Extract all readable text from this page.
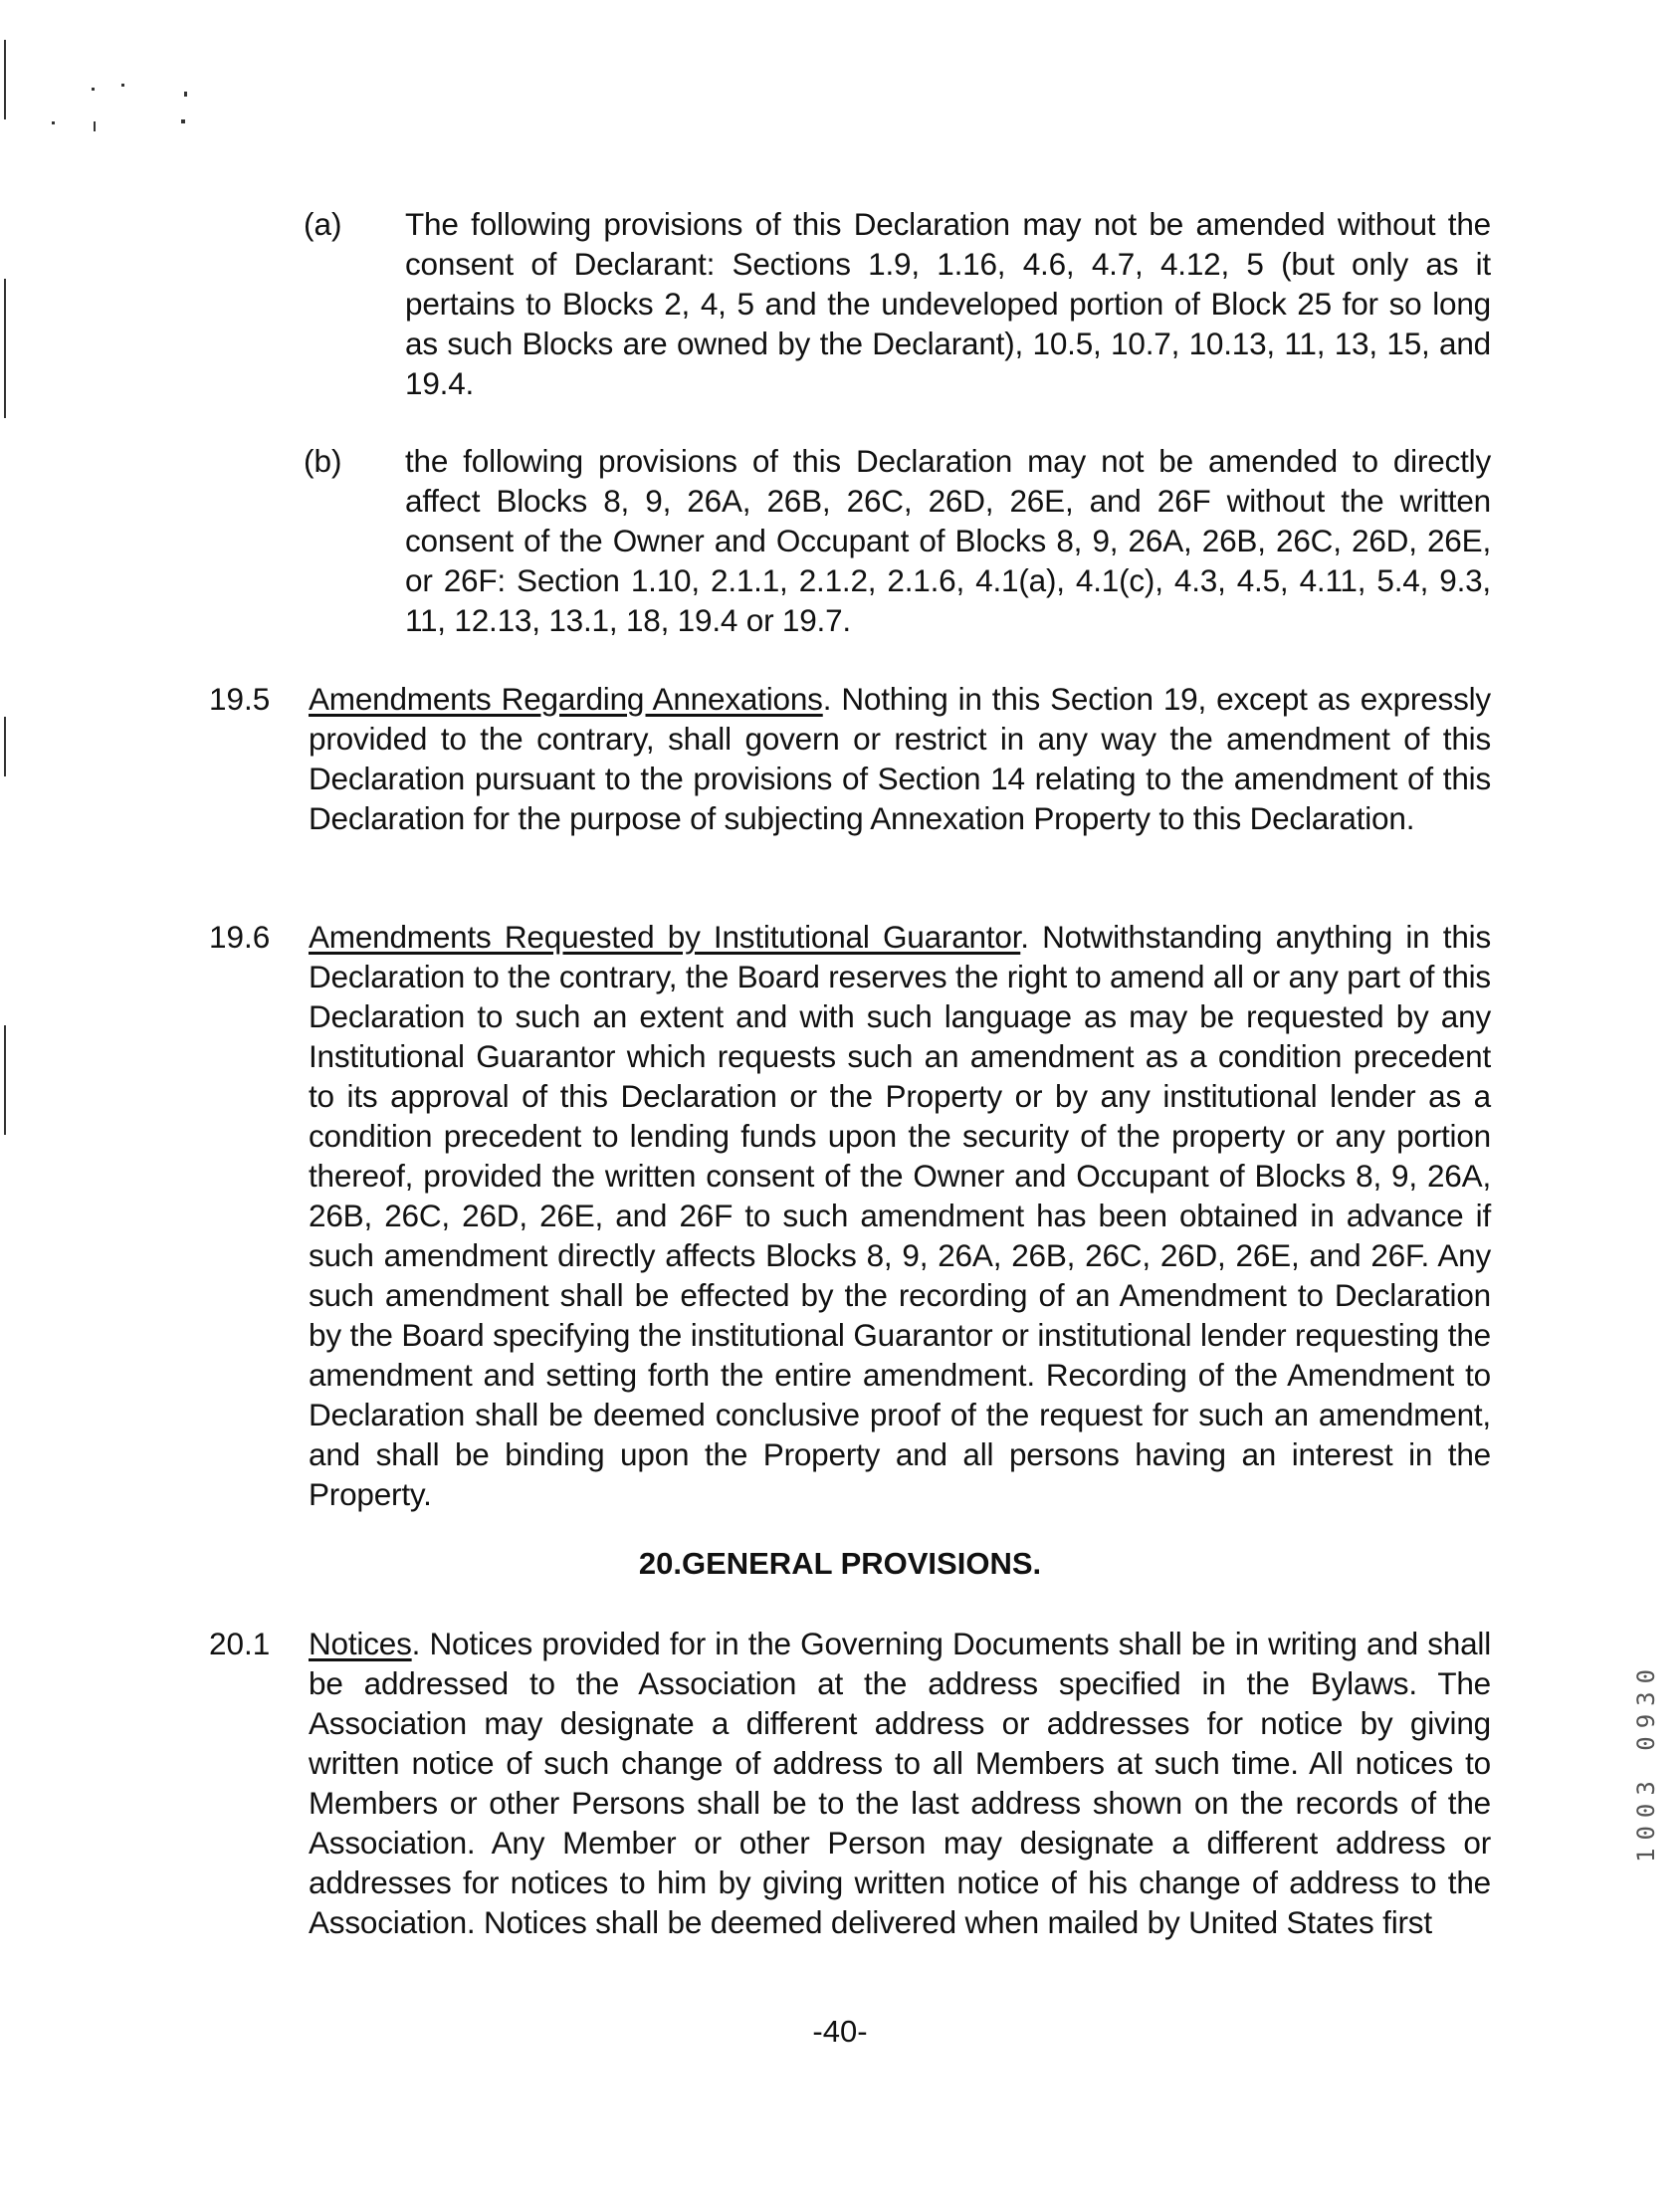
(a) The following provisions of this Declaration may not be amended without the consent of Declarant: Sections 1.9, 1.16, 4.6, 4.7, 4.12, 5 (but only as it pertains to Blocks 2, 4, 5 and the undeveloped portion of Block 25 for so long as such Blocks are owned by the Declarant), 10.5, 10.7, 10.13, 11, 13, 15, and 19.4.
(b) the following provisions of this Declaration may not be amended to directly affect Blocks 8, 9, 26A, 26B, 26C, 26D, 26E, and 26F without the written consent of the Owner and Occupant of Blocks 8, 9, 26A, 26B, 26C, 26D, 26E, or 26F: Section 1.10, 2.1.1, 2.1.2, 2.1.6, 4.1(a), 4.1(c), 4.3, 4.5, 4.11, 5.4, 9.3, 11, 12.13, 13.1, 18, 19.4 or 19.7.
19.5 Amendments Regarding Annexations. Nothing in this Section 19, except as expressly provided to the contrary, shall govern or restrict in any way the amendment of this Declaration pursuant to the provisions of Section 14 relating to the amendment of this Declaration for the purpose of subjecting Annexation Property to this Declaration.
19.6 Amendments Requested by Institutional Guarantor. Notwithstanding anything in this Declaration to the contrary, the Board reserves the right to amend all or any part of this Declaration to such an extent and with such language as may be requested by any Institutional Guarantor which requests such an amendment as a condition precedent to its approval of this Declaration or the Property or by any institutional lender as a condition precedent to lending funds upon the security of the property or any portion thereof, provided the written consent of the Owner and Occupant of Blocks 8, 9, 26A, 26B, 26C, 26D, 26E, and 26F to such amendment has been obtained in advance if such amendment directly affects Blocks 8, 9, 26A, 26B, 26C, 26D, 26E, and 26F. Any such amendment shall be effected by the recording of an Amendment to Declaration by the Board specifying the institutional Guarantor or institutional lender requesting the amendment and setting forth the entire amendment. Recording of the Amendment to Declaration shall be deemed conclusive proof of the request for such an amendment, and shall be binding upon the Property and all persons having an interest in the Property.
20.GENERAL PROVISIONS.
20.1 Notices. Notices provided for in the Governing Documents shall be in writing and shall be addressed to the Association at the address specified in the Bylaws. The Association may designate a different address or addresses for notice by giving written notice of such change of address to all Members at such time. All notices to Members or other Persons shall be to the last address shown on the records of the Association. Any Member or other Person may designate a different address or addresses for notices to him by giving written notice of his change of address to the Association. Notices shall be deemed delivered when mailed by United States first
-40-
1003 0930
